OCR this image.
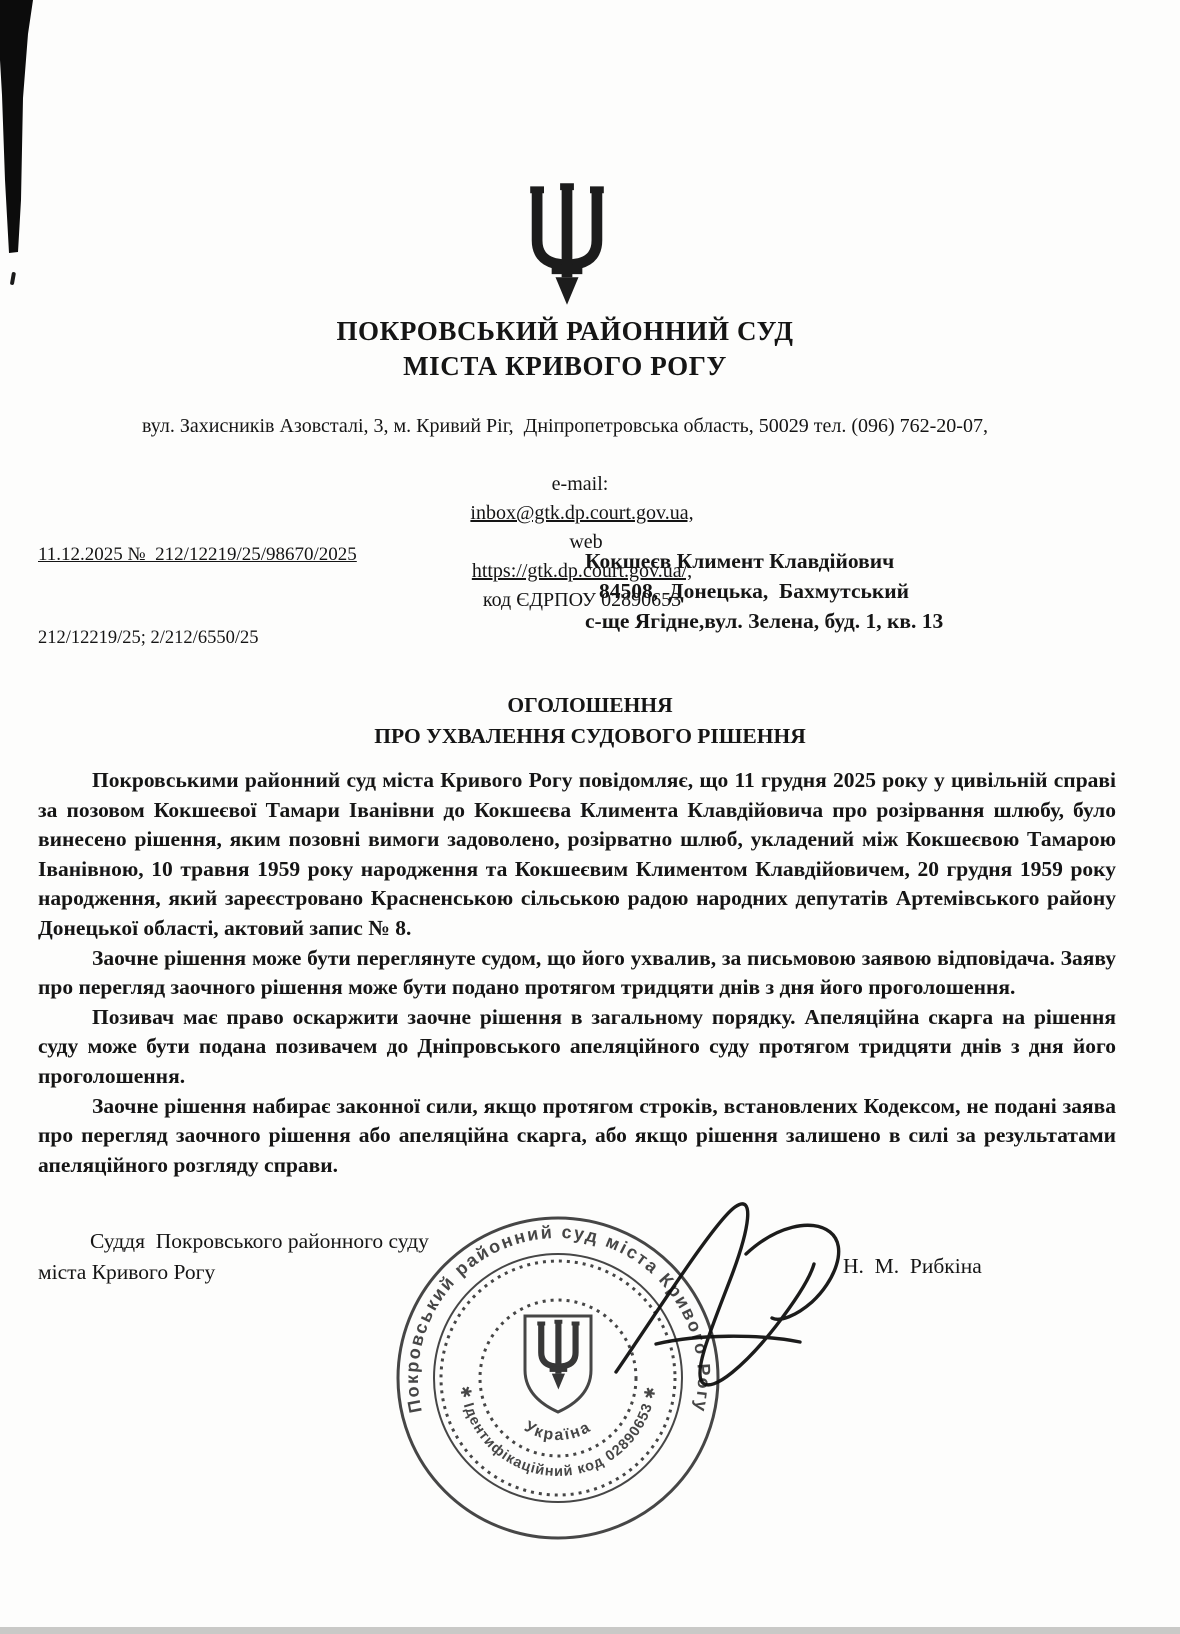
ПОКРОВСЬКИЙ РАЙОННИЙ СУД
МІСТА КРИВОГО РОГУ
вул. Захисників Азовсталі, 3, м. Кривий Ріг,  Дніпропетровська область, 50029 тел. (096) 762-20-07,

e-mail:
inbox@gtk.dp.court.gov.ua,
web
https://gtk.dp.court.gov.ua/,
код ЄДРПОУ 02890653

11.12.2025 №  212/12219/25/98670/2025	Кокшеєв Климент Клавдійович
84508,  Донецька,  Бахмутський
с-ще Ягідне,вул. Зелена, буд. 1, кв. 13
212/12219/25; 2/212/6550/25
ОГОЛОШЕННЯ
ПРО УХВАЛЕННЯ СУДОВОГО РІШЕННЯ

Покровськими районний суд міста Кривого Рогу повідомляє, що 11 грудня 2025 року у цивільній справі за позовом Кокшеєвої Тамари Іванівни до Кокшеєва Климента Клавдійовича про розірвання шлюбу, було винесено рішення, яким позовні вимоги задоволено, розірватно шлюб, укладений між Кокшеєвою Тамарою Іванівною, 10 травня 1959 року народження та Кокшеєвим Климентом Клавдійовичем, 20 грудня 1959 року народження, який зареєстровано Красненською сільською радою народних депутатів Артемівського району Донецької області, актовий запис № 8.

Заочне рішення може бути переглянуте судом, що його ухвалив, за письмовою заявою відповідача. Заяву про перегляд заочного рішення може бути подано протягом тридцяти днів з дня його проголошення.

Позивач має право оскаржити заочне рішення в загальному порядку. Апеляційна скарга на рішення суду може бути подана позивачем до Дніпровського апеляційного суду протягом тридцяти днів з дня його проголошення.

Заочне рішення набирає законної сили, якщо протягом строків, встановлених Кодексом, не подані заява про перегляд заочного рішення або апеляційна скарга, або якщо рішення залишено в силі за результатами апеляційного розгляду справи.

Суддя  Покровського районного суду
міста Кривого Рогу	Н.  М.  Рибкіна
Покровський районний суд міста Кривого Рогу
✱ Ідентифікаційний код 02890653 ✱
Україна
